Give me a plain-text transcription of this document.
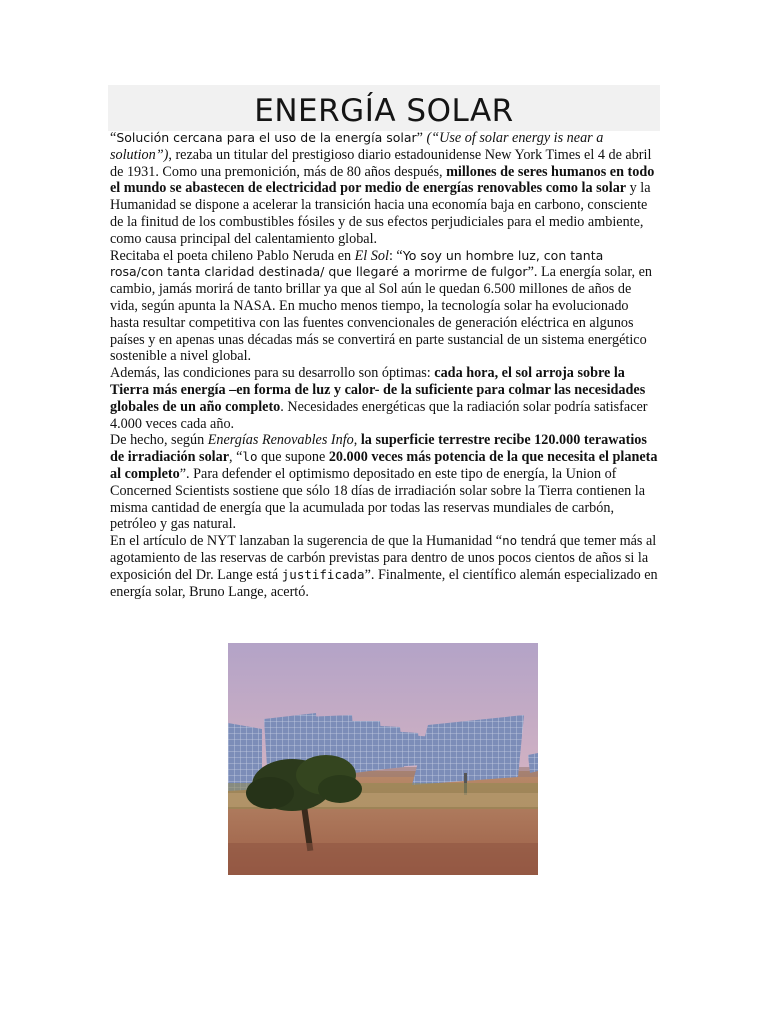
ENERGÍA SOLAR

“Solución cercana para el uso de la energía solar” (“Use of solar energy is near a solution”), rezaba un titular del prestigioso diario estadounidense New York Times el 4 de abril de 1931. Como una premonición, más de 80 años después, millones de seres humanos en todo el mundo se abastecen de electricidad por medio de energías renovables como la solar y la Humanidad se dispone a acelerar la transición hacia una economía baja en carbono, consciente de la finitud de los combustibles fósiles y de sus efectos perjudiciales para el medio ambiente, como causa principal del calentamiento global.

Recitaba el poeta chileno Pablo Neruda en El Sol: “Yo soy un hombre luz, con tanta rosa/con tanta claridad destinada/ que llegaré a morirme de fulgor”. La energía solar, en cambio, jamás morirá de tanto brillar ya que al Sol aún le quedan 6.500 millones de años de vida, según apunta la NASA. En mucho menos tiempo, la tecnología solar ha evolucionado hasta resultar competitiva con las fuentes convencionales de generación eléctrica en algunos países y en apenas unas décadas más se convertirá en parte sustancial de un sistema energético sostenible a nivel global.

Además, las condiciones para su desarrollo son óptimas: cada hora, el sol arroja sobre la Tierra más energía –en forma de luz y calor- de la suficiente para colmar las necesidades globales de un año completo. Necesidades energéticas que la radiación solar podría satisfacer 4.000 veces cada año.

De hecho, según Energías Renovables Info, la superficie terrestre recibe 120.000 terawatios de irradiación solar, “lo que supone 20.000 veces más potencia de la que necesita el planeta al completo”. Para defender el optimismo depositado en este tipo de energía, la Union of Concerned Scientists sostiene que sólo 18 días de irradiación solar sobre la Tierra contienen la misma cantidad de energía que la acumulada por todas las reservas mundiales de carbón, petróleo y gas natural.

En el artículo de NYT lanzaban la sugerencia de que la Humanidad “no tendrá que temer más al agotamiento de las reservas de carbón previstas para dentro de unos pocos cientos de años si la exposición del Dr. Lange está justificada”. Finalmente, el científico alemán especializado en energía solar, Bruno Lange, acertó.
